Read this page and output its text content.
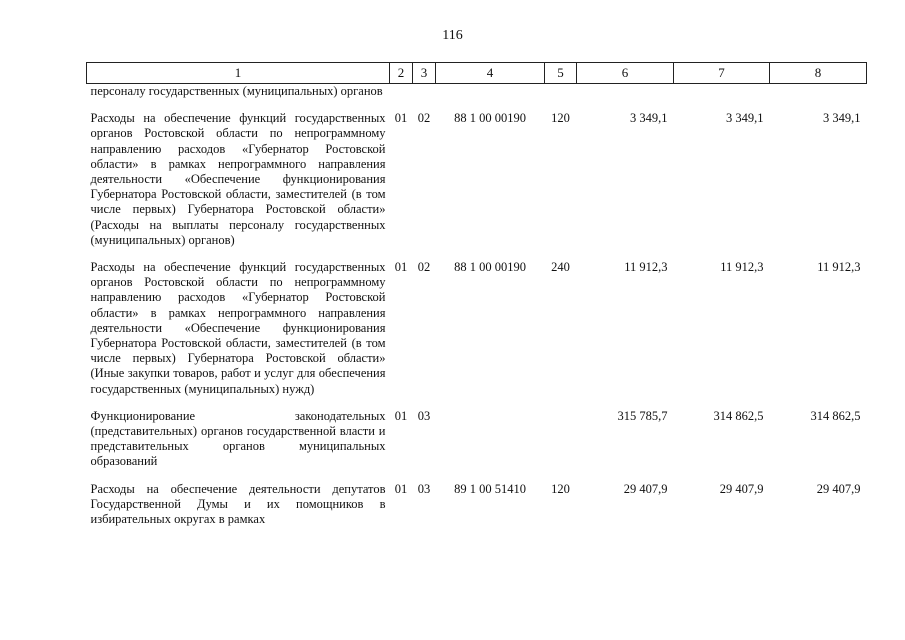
116
1	2	3	4	5	6	7	8
персоналу государственных (муниципальных) органов							
Расходы на обеспечение функций государственных органов Ростовской области по непрограммному направлению расходов «Губернатор Ростовской области» в рамках непрограммного направления деятельности «Обеспечение функционирования Губернатора Ростовской области, заместителей (в том числе первых) Губернатора Ростовской области» (Расходы на выплаты персоналу государственных (муниципальных) органов)	01	02	88 1 00 00190	120	3 349,1	3 349,1	3 349,1
Расходы на обеспечение функций государственных органов Ростовской области по непрограммному направлению расходов «Губернатор Ростовской области» в рамках непрограммного направления деятельности «Обеспечение функционирования Губернатора Ростовской области, заместителей (в том числе первых) Губернатора Ростовской области» (Иные закупки товаров, работ и услуг для обеспечения государственных (муниципальных) нужд)	01	02	88 1 00 00190	240	11 912,3	11 912,3	11 912,3
Функционирование законодательных (представительных) органов государственной власти и представительных органов муниципальных образований	01	03			315 785,7	314 862,5	314 862,5
Расходы на обеспечение деятельности депутатов Государственной Думы и их помощников в избирательных округах в рамках	01	03	89 1 00 51410	120	29 407,9	29 407,9	29 407,9
